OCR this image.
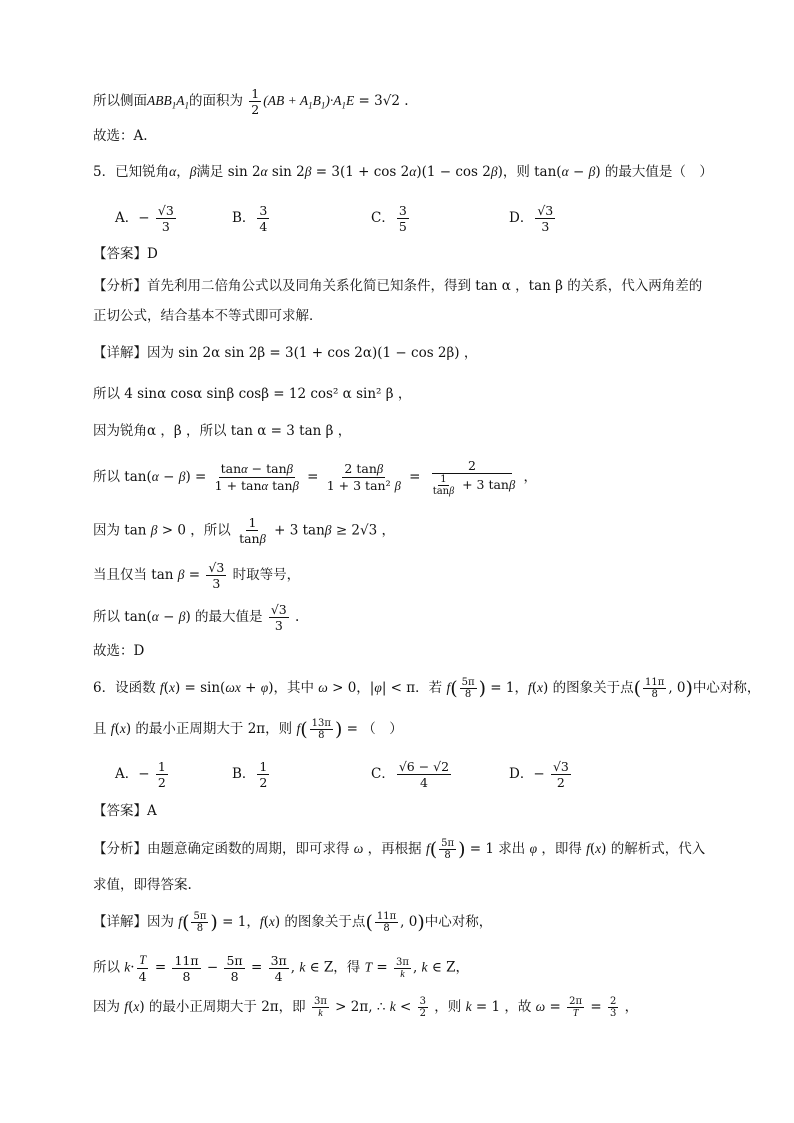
所以侧面$ABB_1A_1$的面积为 $\frac{1}{2} (AB + A_1B_1)\cdot A_1E = 3√2$ .
故选：A.
5．已知锐角α，β满足 sin 2α sin 2β = 3(1 + cos 2α)(1 − cos 2β)，则 tan(α − β) 的最大值是（　）
A．− $\frac{√3}{3}$	B． $\frac{3}{4}$	C． $\frac{3}{5}$	D． $\frac{√3}{3}$
【答案】D
【分析】首先利用二倍角公式以及同角关系化简已知条件，得到 tan α ，tan β 的关系，代入两角差的
正切公式，结合基本不等式即可求解．
【详解】因为 sin 2α sin 2β = 3(1 + cos 2α)(1 − cos 2β) ，
所以 4 sinα cosα sinβ cosβ = 12 cos² α sin² β ，
因为锐角α ，β ，所以 tan α = 3 tan β ，
所以 $\tan(\alpha - \beta) = \frac{\tan\alpha - \tan\beta}{\text{1 + tanα tanβ}} = \frac{2 \tan\beta}{\text{1 + 3 tan² β}} = \frac{2}{\frac{1}{\tan\beta} + 3 \tan\beta}$ ，
因为 tan β > 0 ，所以 $\frac{1}{\tan\beta} + 3$ tanβ ≥ 2√3 ，
当且仅当 $\tan \beta = \frac{√3}{3}$ 时取等号，
所以 tan(α − β) 的最大值是 $\frac{√3}{3}$ .
故选：D
6．设函数 f(x) = sin(ωx + φ)，其中 ω > 0，|φ| < π．若 $f( \frac{5\pi}{8}$ ) = 1，f(x) 的图象关于点( $\frac{11\pi}{8}$ , 0)中心对称，
且 f(x) 的最小正周期大于 2π，则 $f( \frac{13\pi}{8}$ ) = （　）
A．− $\frac{1}{2}$	B． $\frac{1}{2}$	C． $\frac{√6 - √2}{4}$	D．− $\frac{√3}{2}$
【答案】A
【分析】由题意确定函数的周期，即可求得 ω ，再根据 $f( \frac{5\pi}{8}$ ) = 1 求出 φ ，即得 f(x) 的解析式，代入
求值，即得答案.
【详解】因为 $f( \frac{5\pi}{8}$ ) = 1，f(x) 的图象关于点( $\frac{11\pi}{8}$ , 0)中心对称，
所以 $k\cdot \frac{T}{4} = \frac{11\pi}{8} - \frac{5\pi}{8} = \frac{3\pi}{4}$ , k ∈ Z，得 $T = \frac{3\pi}{k}$ , k ∈ Z，
因为 f(x) 的最小正周期大于 2π，即 $\frac{3\pi}{k} > 2\pi$, ∴ $k < \frac{3}{2}$ ，则 k = 1 ，故 $\omega = \frac{2\pi}{T} = \frac{2}{3}$ ，
